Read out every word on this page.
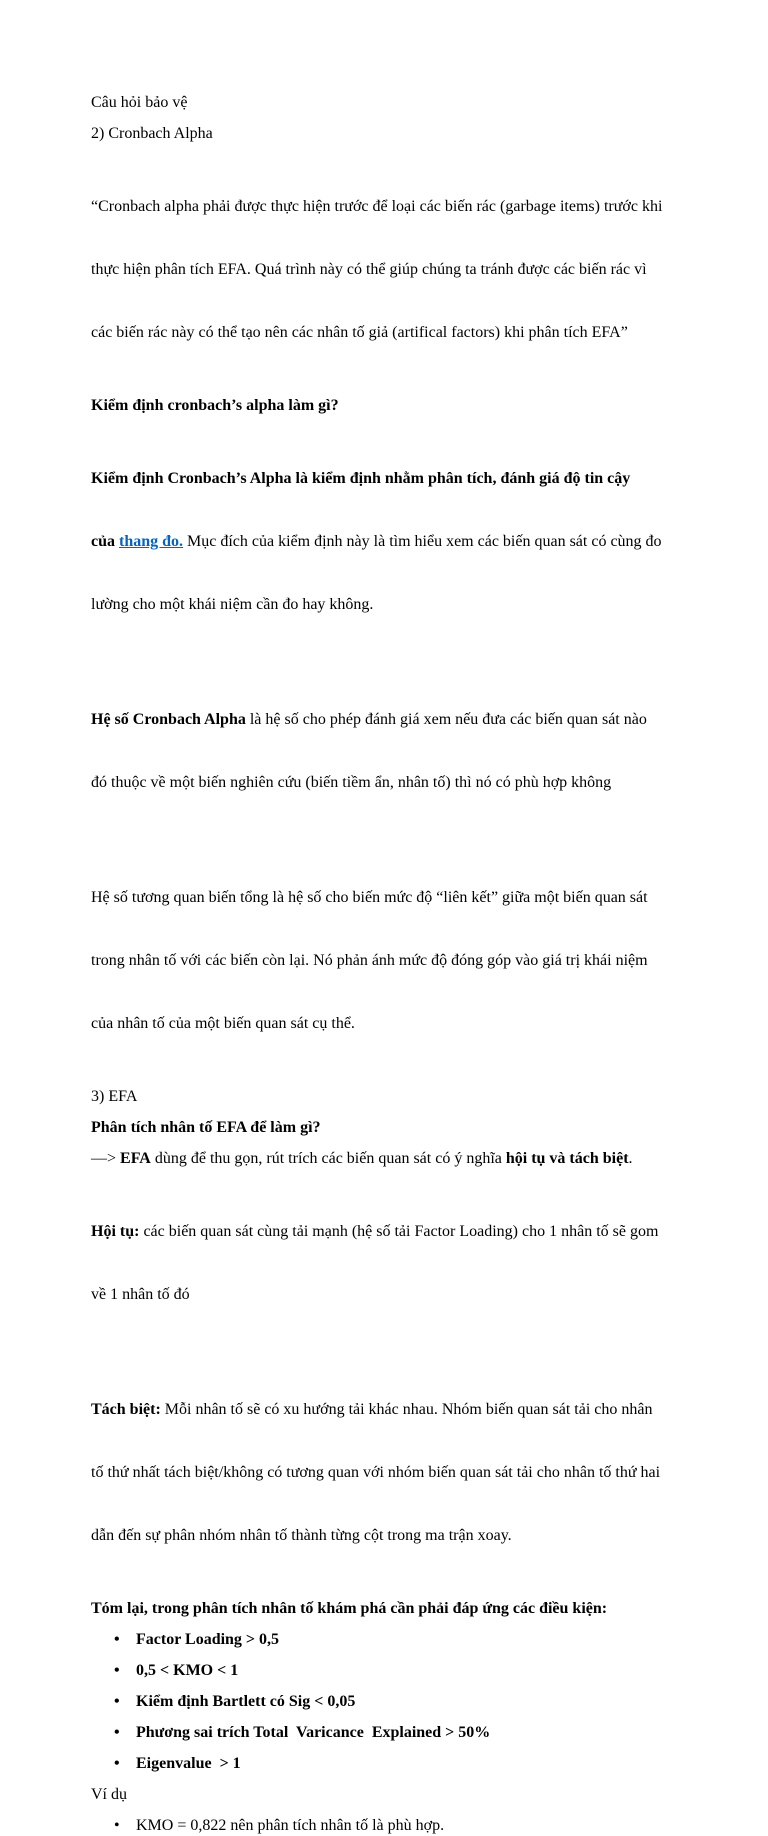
Câu hỏi bảo vệ
2) Cronbach Alpha

“Cronbach alpha phải được thực hiện trước để loại các biến rác (garbage items) trước khi

thực hiện phân tích EFA. Quá trình này có thể giúp chúng ta tránh được các biến rác vì

các biến rác này có thể tạo nên các nhân tố giả (artifical factors) khi phân tích EFA”

Kiểm định cronbach’s alpha làm gì?

Kiểm định Cronbach’s Alpha là kiểm định nhằm phân tích, đánh giá độ tin cậy

của thang đo. Mục đích của kiểm định này là tìm hiểu xem các biến quan sát có cùng đo

lường cho một khái niệm cần đo hay không.

Hệ số Cronbach Alpha là hệ số cho phép đánh giá xem nếu đưa các biến quan sát nào

đó thuộc về một biến nghiên cứu (biến tiềm ẩn, nhân tố) thì nó có phù hợp không

Hệ số tương quan biến tổng là hệ số cho biến mức độ “liên kết” giữa một biến quan sát

trong nhân tố với các biến còn lại. Nó phản ánh mức độ đóng góp vào giá trị khái niệm

của nhân tố của một biến quan sát cụ thể.

3) EFA
Phân tích nhân tố EFA để làm gì?
—> EFA dùng để thu gọn, rút trích các biến quan sát có ý nghĩa hội tụ và tách biệt.

Hội tụ: các biến quan sát cùng tải mạnh (hệ số tải Factor Loading) cho 1 nhân tố sẽ gom

về 1 nhân tố đó

Tách biệt: Mỗi nhân tố sẽ có xu hướng tải khác nhau. Nhóm biến quan sát tải cho nhân

tố thứ nhất tách biệt/không có tương quan với nhóm biến quan sát tải cho nhân tố thứ hai

dẫn đến sự phân nhóm nhân tố thành từng cột trong ma trận xoay.

Tóm lại, trong phân tích nhân tố khám phá cần phải đáp ứng các điều kiện:
• Factor Loading > 0,5
• 0,5 < KMO < 1
• Kiểm định Bartlett có Sig < 0,05
• Phương sai trích Total  Varicance  Explained > 50%
• Eigenvalue  > 1
Ví dụ
• KMO = 0,822 nên phân tích nhân tố là phù hợp.
